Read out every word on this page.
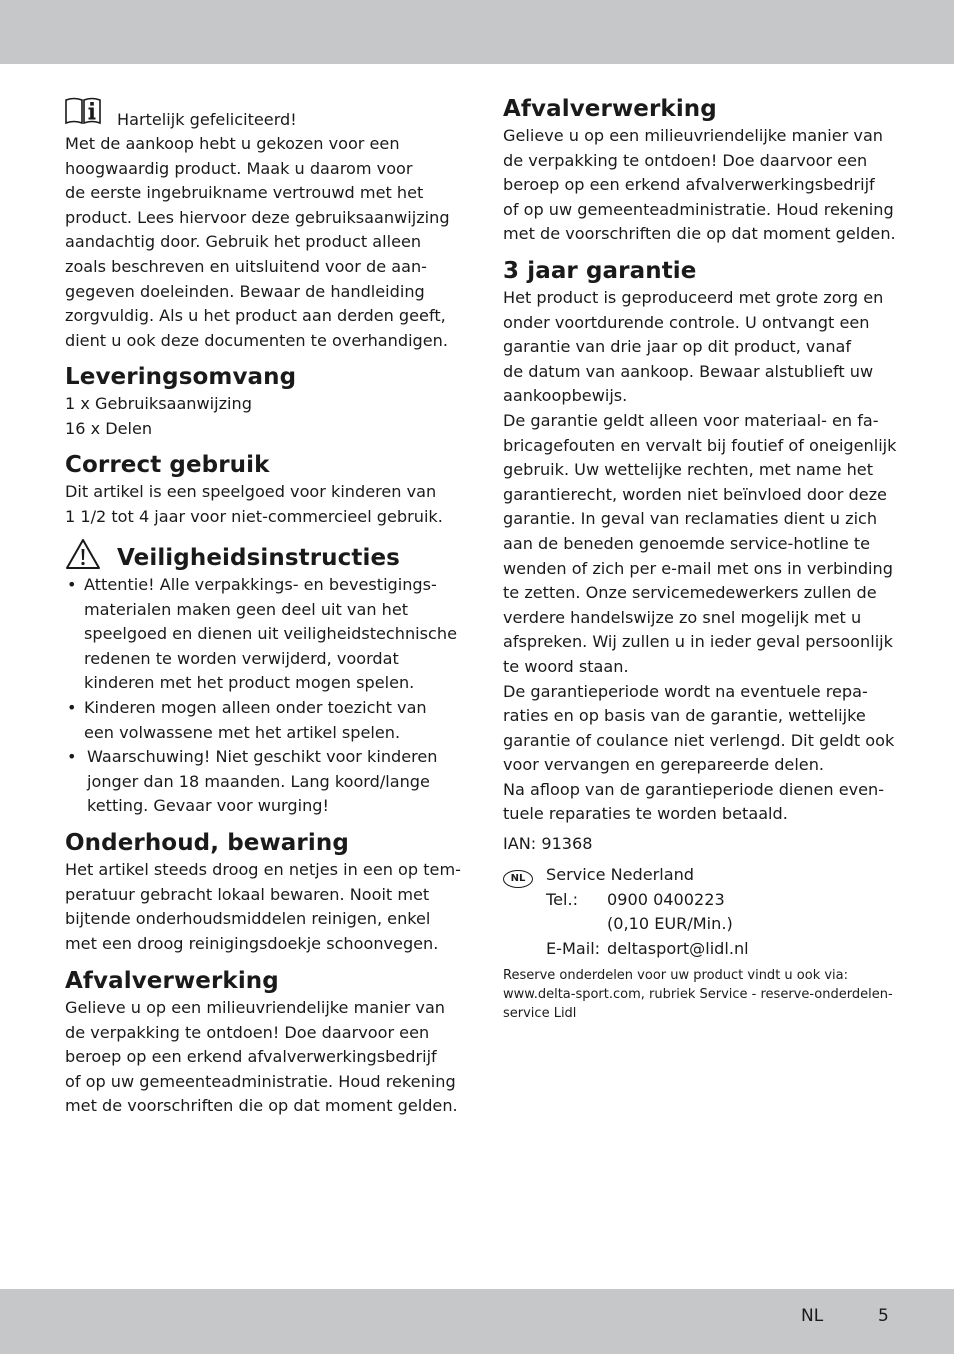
Hartelijk gefeliciteerd!
Met de aankoop hebt u gekozen voor een
hoogwaardig product. Maak u daarom voor
de eerste ingebruikname vertrouwd met het
product. Lees hiervoor deze gebruiksaanwijzing
aandachtig door. Gebruik het product alleen
zoals beschreven en uitsluitend voor de aan-
gegeven doeleinden. Bewaar de handleiding
zorgvuldig. Als u het product aan derden geeft,
dient u ook deze documenten te overhandigen.
Leveringsomvang
1 x Gebruiksaanwijzing
16 x Delen
Correct gebruik
Dit artikel is een speelgoed voor kinderen van
1 1/2 tot 4 jaar voor niet-commercieel gebruik.
Veiligheidsinstructies
• Attentie! Alle verpakkings- en bevestigings-
materialen maken geen deel uit van het
speelgoed en dienen uit veiligheidstechnische
redenen te worden verwijderd, voordat
kinderen met het product mogen spelen.
• Kinderen mogen alleen onder toezicht van
een volwassene met het artikel spelen.
• Waarschuwing! Niet geschikt voor kinderen
jonger dan 18 maanden. Lang koord/lange
ketting. Gevaar voor wurging!
Onderhoud, bewaring
Het artikel steeds droog en netjes in een op tem-
peratuur gebracht lokaal bewaren. Nooit met
bijtende onderhoudsmiddelen reinigen, enkel
met een droog reinigingsdoekje schoonvegen.
Afvalverwerking
Gelieve u op een milieuvriendelijke manier van
de verpakking te ontdoen! Doe daarvoor een
beroep op een erkend afvalverwerkingsbedrijf
of op uw gemeenteadministratie. Houd rekening
met de voorschriften die op dat moment gelden.
Afvalverwerking
Gelieve u op een milieuvriendelijke manier van
de verpakking te ontdoen! Doe daarvoor een
beroep op een erkend afvalverwerkingsbedrijf
of op uw gemeenteadministratie. Houd rekening
met de voorschriften die op dat moment gelden.
3 jaar garantie
Het product is geproduceerd met grote zorg en
onder voortdurende controle. U ontvangt een
garantie van drie jaar op dit product, vanaf
de datum van aankoop. Bewaar alstublieft uw
aankoopbewijs.
De garantie geldt alleen voor materiaal- en fa-
bricagefouten en vervalt bij foutief of oneigenlijk
gebruik. Uw wettelijke rechten, met name het
garantierecht, worden niet beïnvloed door deze
garantie. In geval van reclamaties dient u zich
aan de beneden genoemde service-hotline te
wenden of zich per e-mail met ons in verbinding
te zetten. Onze servicemedewerkers zullen de
verdere handelswijze zo snel mogelijk met u
afspreken. Wij zullen u in ieder geval persoonlijk
te woord staan.
De garantieperiode wordt na eventuele repa-
raties en op basis van de garantie, wettelijke
garantie of coulance niet verlengd. Dit geldt ook
voor vervangen en gerepareerde delen.
Na afloop van de garantieperiode dienen even-
tuele reparaties te worden betaald.
IAN: 91368
NL	Service Nederland
Tel.: 0900 0400223
(0,10 EUR/Min.)
E-Mail: deltasport@lidl.nl
Reserve onderdelen voor uw product vindt u ook via:
www.delta-sport.com, rubriek Service - reserve-onderdelen-
service Lidl
NL	5
